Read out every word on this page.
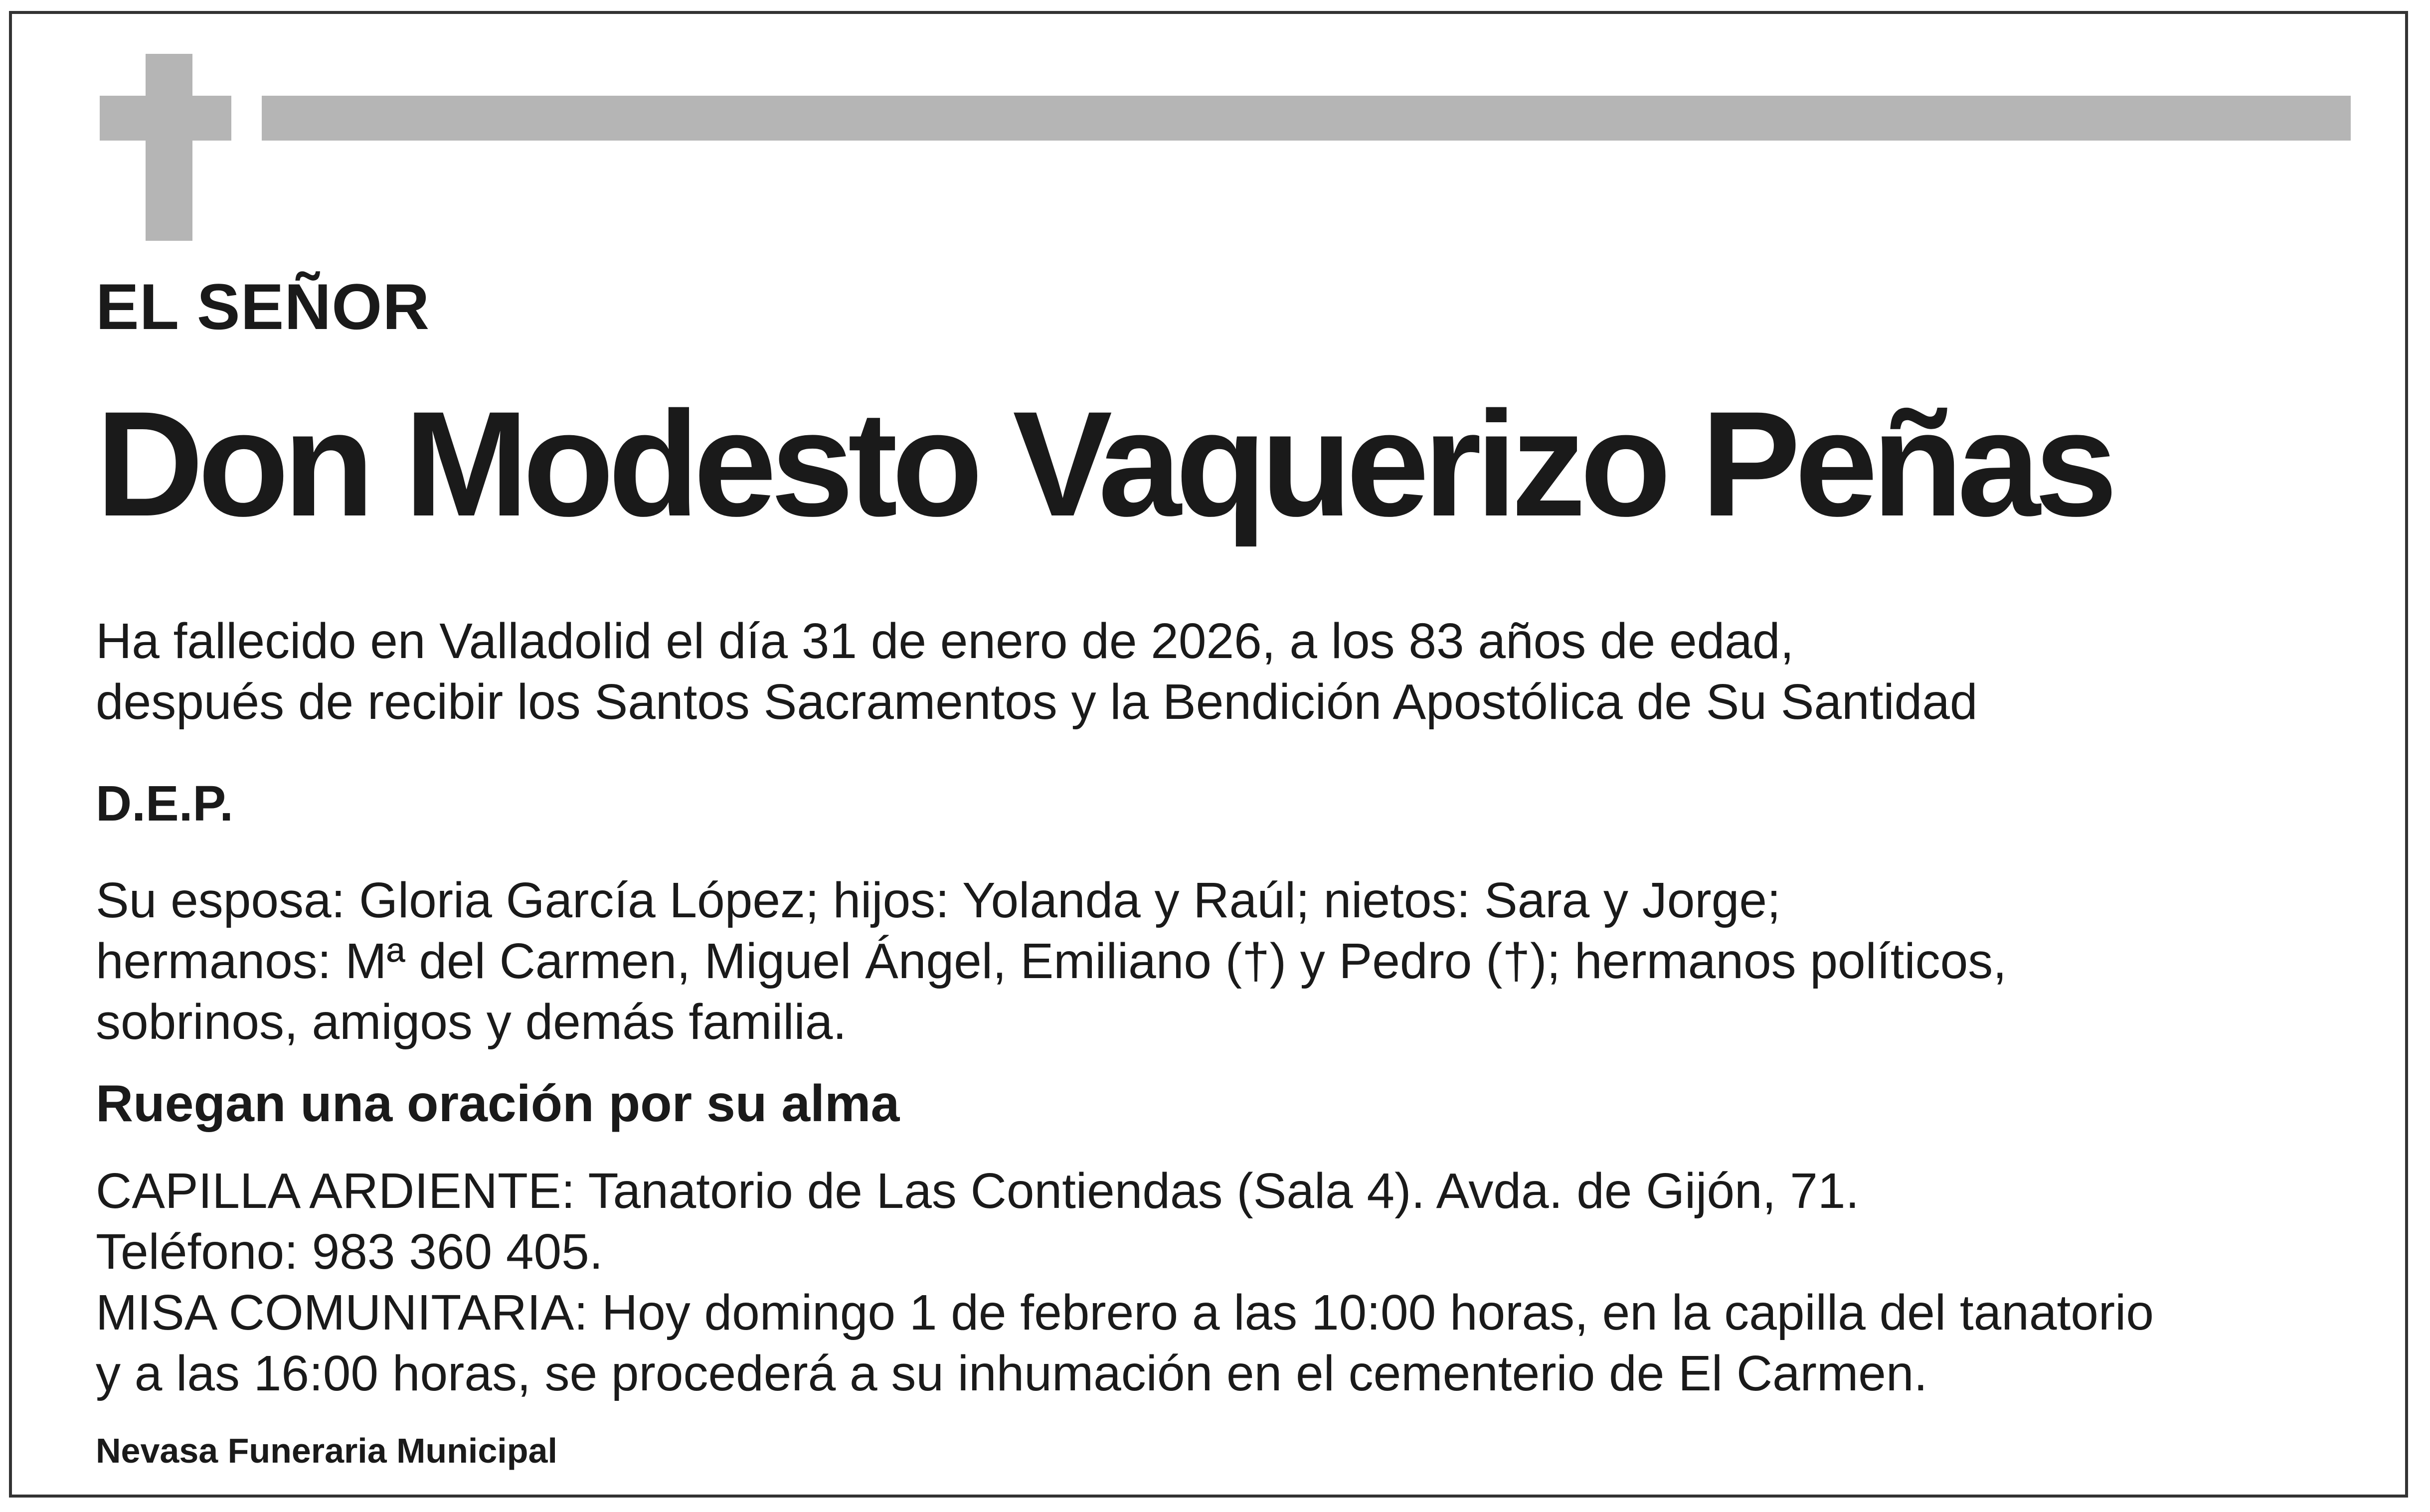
EL SEÑOR
Don Modesto Vaquerizo Peñas
Ha fallecido en Valladolid el día 31 de enero de 2026, a los 83 años de edad,
después de recibir los Santos Sacramentos y la Bendición Apostólica de Su Santidad
D.E.P.
Su esposa: Gloria García López; hijos: Yolanda y Raúl; nietos: Sara y Jorge;
hermanos: Mª del Carmen, Miguel Ángel, Emiliano (†) y Pedro (†); hermanos políticos,
sobrinos, amigos y demás familia.
Ruegan una oración por su alma
CAPILLA ARDIENTE: Tanatorio de Las Contiendas (Sala 4). Avda. de Gijón, 71.
Teléfono: 983 360 405.
MISA COMUNITARIA: Hoy domingo 1 de febrero a las 10:00 horas, en la capilla del tanatorio
y a las 16:00 horas, se procederá a su inhumación en el cementerio de El Carmen.
Nevasa Funeraria Municipal
